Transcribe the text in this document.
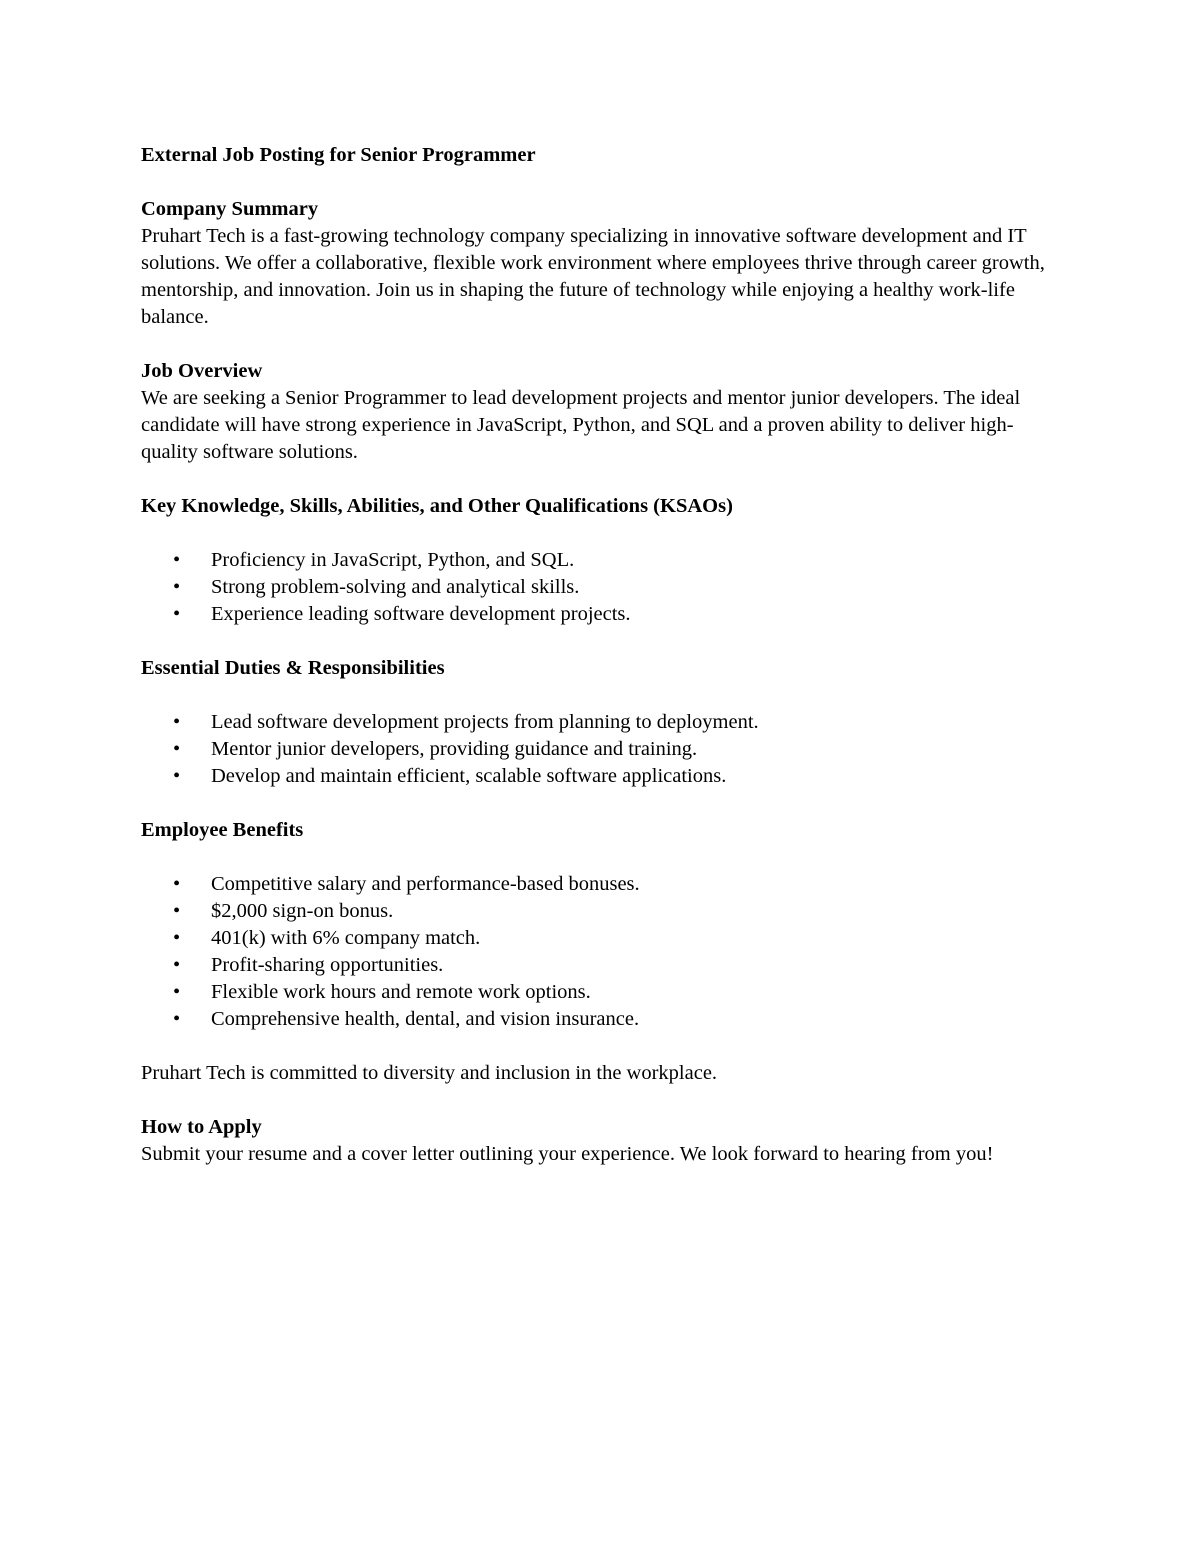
External Job Posting for Senior Programmer
Company Summary

Pruhart Tech is a fast-growing technology company specializing in innovative software development and IT solutions. We offer a collaborative, flexible work environment where employees thrive through career growth, mentorship, and innovation. Join us in shaping the future of technology while enjoying a healthy work-life balance.

Job Overview

We are seeking a Senior Programmer to lead development projects and mentor junior developers. The ideal candidate will have strong experience in JavaScript, Python, and SQL and a proven ability to deliver high-quality software solutions.

Key Knowledge, Skills, Abilities, and Other Qualifications (KSAOs)
• Proficiency in JavaScript, Python, and SQL.
• Strong problem-solving and analytical skills.
• Experience leading software development projects.
Essential Duties & Responsibilities
• Lead software development projects from planning to deployment.
• Mentor junior developers, providing guidance and training.
• Develop and maintain efficient, scalable software applications.
Employee Benefits
• Competitive salary and performance-based bonuses.
• $2,000 sign-on bonus.
• 401(k) with 6% company match.
• Profit-sharing opportunities.
• Flexible work hours and remote work options.
• Comprehensive health, dental, and vision insurance.

Pruhart Tech is committed to diversity and inclusion in the workplace.

How to Apply

Submit your resume and a cover letter outlining your experience. We look forward to hearing from you!
